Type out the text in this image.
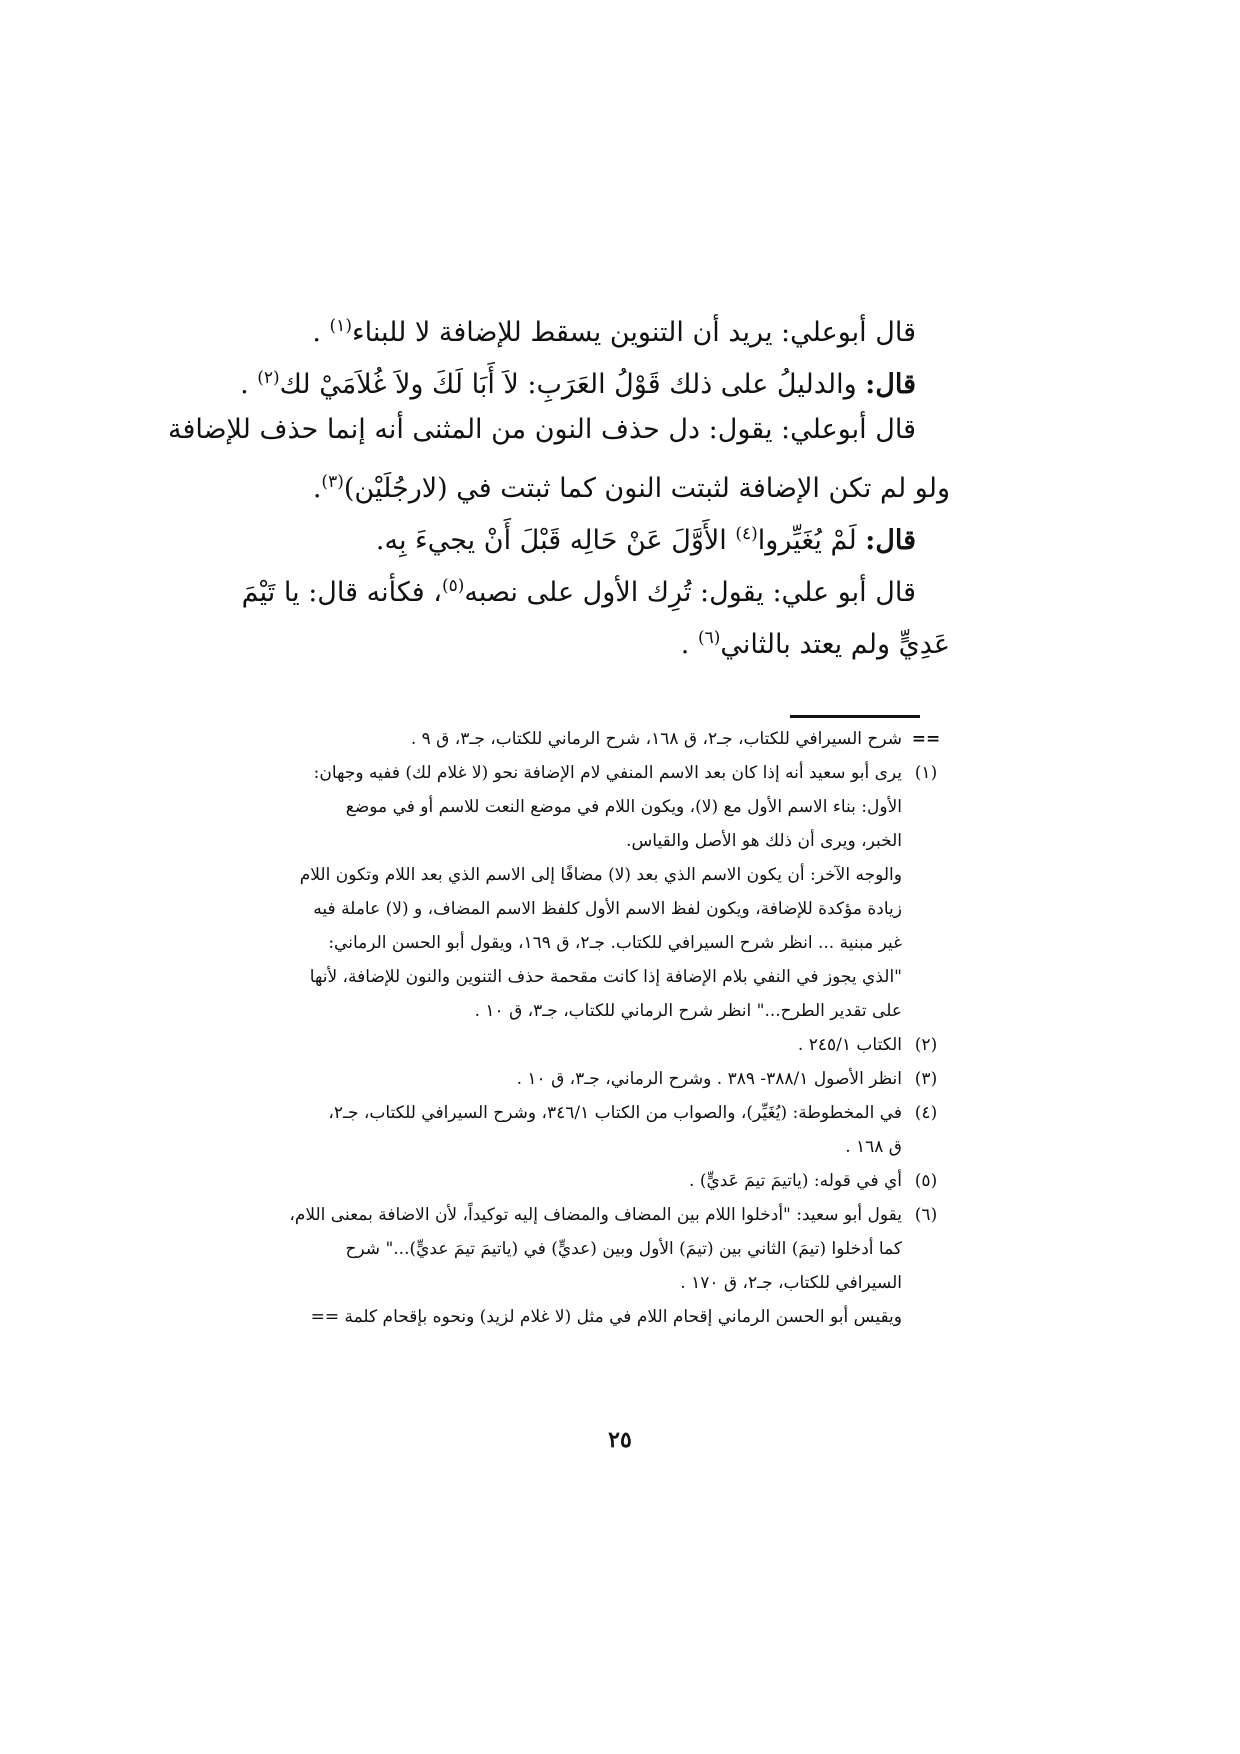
قال أبوعلي: يريد أن التنوين يسقط للإضافة لا للبناء$^{(١)}$ .
قال: والدليلُ على ذلك قَوْلُ العَرَبِ: لاَ أَبَا لَكَ ولاَ غُلاَمَيْ لك$^{(٢)}$ .
قال أبوعلي: يقول: دل حذف النون من المثنى أنه إنما حذف للإضافة
ولو لم تكن الإضافة لثبتت النون كما ثبتت في (لارجُلَيْن)$^{(٣)}$.
قال: لَمْ يُغَيِّروا$^{(٤)}$ الأَوَّلَ عَنْ حَالِه قَبْلَ أَنْ يجيءَ بِه.
قال أبو علي: يقول: تُرِك الأول على نصبه$^{(٥)}$، فكأنه قال: يا تَيْمَ
عَدِيٍّ ولم يعتد بالثاني$^{(٦)}$ .
==
شرح السيرافي للكتاب، جـ٢، ق ١٦٨، شرح الرماني للكتاب، جـ٣، ق ٩ .
(١)
يرى أبو سعيد أنه إذا كان بعد الاسم المنفي لام الإضافة نحو (لا غلام لك) ففيه وجهان:
الأول: بناء الاسم الأول مع (لا)، ويكون اللام في موضع النعت للاسم أو في موضع
الخبر، ويرى أن ذلك هو الأصل والقياس.
والوجه الآخر: أن يكون الاسم الذي بعد (لا) مضافًا إلى الاسم الذي بعد اللام وتكون اللام
زيادة مؤكدة للإضافة، ويكون لفظ الاسم الأول كلفظ الاسم المضاف، و (لا) عاملة فيه
غير مبنية ... انظر شرح السيرافي للكتاب. جـ٢، ق ١٦٩، ويقول أبو الحسن الرماني:
"الذي يجوز في النفي بلام الإضافة إذا كانت مقحمة حذف التنوين والنون للإضافة، لأنها
على تقدير الطرح..." انظر شرح الرماني للكتاب، جـ٣، ق ١٠ .
(٢)
الكتاب ٢٤٥/١ .
(٣)
انظر الأصول ٣٨٨/١- ٣٨٩ . وشرح الرماني، جـ٣، ق ١٠ .
(٤)
في المخطوطة: (يُغَيِّر)، والصواب من الكتاب ٣٤٦/١، وشرح السيرافي للكتاب، جـ٢،
ق ١٦٨ .
(٥)
أي في قوله: (ياتيمَ تيمَ عَديٍّ) .
(٦)
يقول أبو سعيد: "أدخلوا اللام بين المضاف والمضاف إليه توكيداً، لأن الاضافة بمعنى اللام،
كما أدخلوا (تيمَ) الثاني بين (تيمَ) الأول وبين (عديٍّ) في (ياتيمَ تيمَ عديٍّ)..." شرح
السيرافي للكتاب، جـ٢، ق ١٧٠ .
ويقيس أبو الحسن الرماني إقحام اللام في مثل (لا غلام لزيد) ونحوه بإقحام كلمة ==
٢٥
